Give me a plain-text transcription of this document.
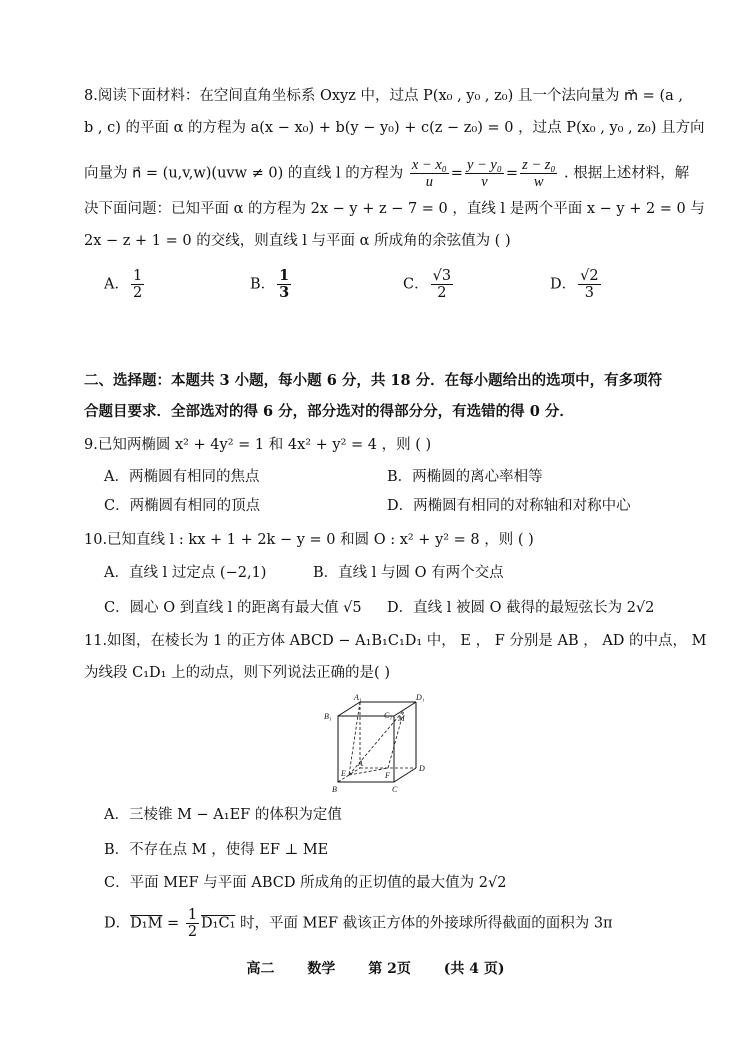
8.阅读下面材料：在空间直角坐标系 Oxyz 中，过点 P(x₀ , y₀ , z₀) 且一个法向量为 m⃗ = (a ,
b , c) 的平面 α 的方程为 a(x − x₀) + b(y − y₀) + c(z − z₀) = 0 ，过点 P(x₀ , y₀ , z₀) 且方向
向量为 n⃗ = (u,v,w)(uvw ≠ 0) 的直线 l 的方程为 $\frac{\text{x − x₀}}{u} = \frac{\text{y − y₀}}{v} = \frac{\text{z − z₀}}{w}$ . 根据上述材料，解
决下面问题：已知平面 α 的方程为 2x − y + z − 7 = 0 ，直线 l 是两个平面 x − y + 2 = 0 与
2x − z + 1 = 0 的交线，则直线 l 与平面 α 所成角的余弦值为 ( )
A． $\frac{1}{2}$	B． $\frac{1}{3}$	C． $\frac{√3}{2}$	D． $\frac{√2}{3}$
二、选择题：本题共 3 小题，每小题 6 分，共 18 分．在每小题给出的选项中，有多项符
合题目要求．全部选对的得 6 分，部分选对的得部分分，有选错的得 0 分．
9.已知两椭圆 x² + 4y² = 1 和 4x² + y² = 4 ，则 ( )
A．两椭圆有相同的焦点	B．两椭圆的离心率相等
C．两椭圆有相同的顶点	D．两椭圆有相同的对称轴和对称中心
10.已知直线 l : kx + 1 + 2k − y = 0 和圆 O : x² + y² = 8 ，则 ( )
A．直线 l 过定点 (−2,1)	B．直线 l 与圆 O 有两个交点
C．圆心 O 到直线 l 的距离有最大值 √5 D．直线 l 被圆 O 截得的最短弦长为 2√2
11.如图，在棱长为 1 的正方体 ABCD − A₁B₁C₁D₁ 中， E ， F 分别是 AB ， AD 的中点， M
为线段 C₁D₁ 上的动点，则下列说法正确的是( )
A₁	D₁
B₁	C₁ M
A
D
E	F
B	C
A．三棱锥 M − A₁EF 的体积为定值
B．不存在点 M ，使得 EF ⊥ ME
C．平面 MEF 与平面 ABCD 所成角的正切值的最大值为 2√2
D．$D_1M = \frac{1}{2} D_1C_1$ 时，平面 MEF 截该正方体的外接球所得截面的面积为 3π
高二 数学 第 2页 (共 4 页)
